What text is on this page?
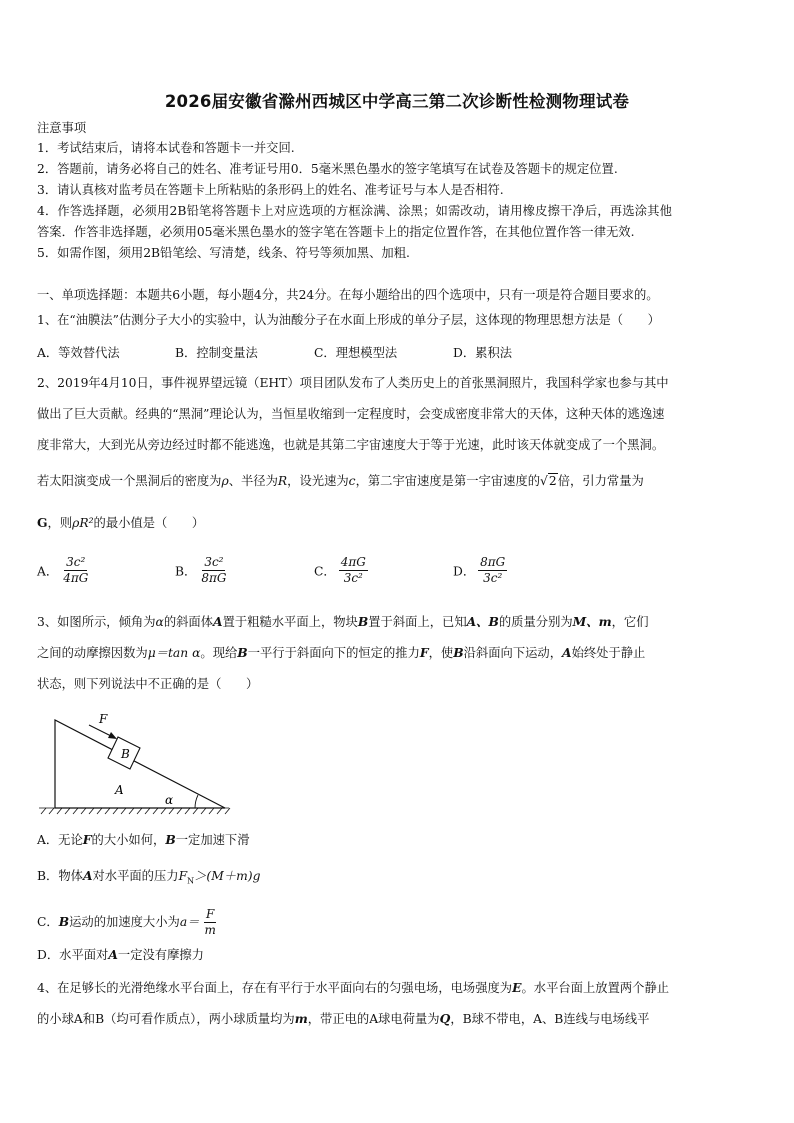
2026届安徽省滁州西城区中学高三第二次诊断性检测物理试卷
注意事项
1．考试结束后，请将本试卷和答题卡一并交回.
2．答题前，请务必将自己的姓名、准考证号用0．5毫米黑色墨水的签字笔填写在试卷及答题卡的规定位置.
3．请认真核对监考员在答题卡上所粘贴的条形码上的姓名、准考证号与本人是否相符.
4．作答选择题，必须用2B铅笔将答题卡上对应选项的方框涂满、涂黑；如需改动，请用橡皮擦干净后，再选涂其他
答案．作答非选择题，必须用05毫米黑色墨水的签字笔在答题卡上的指定位置作答，在其他位置作答一律无效.
5．如需作图，须用2B铅笔绘、写清楚，线条、符号等须加黑、加粗.
一、单项选择题：本题共6小题，每小题4分，共24分。在每小题给出的四个选项中，只有一项是符合题目要求的。
1、在“油膜法”估测分子大小的实验中，认为油酸分子在水面上形成的单分子层，这体现的物理思想方法是（　　）
A．等效替代法	B．控制变量法	C．理想模型法	D．累积法
2、2019年4月10日，事件视界望远镜（EHT）项目团队发布了人类历史上的首张黑洞照片，我国科学家也参与其中
做出了巨大贡献。经典的“黑洞”理论认为，当恒星收缩到一定程度时，会变成密度非常大的天体，这种天体的逃逸速
度非常大，大到光从旁边经过时都不能逃逸，也就是其第二宇宙速度大于等于光速，此时该天体就变成了一个黑洞。
若太阳演变成一个黑洞后的密度为ρ、半径为R，设光速为c，第二宇宙速度是第一宇宙速度的√2倍，引力常量为
G，则ρR²的最小值是（　　）
A． $\frac{\text{3c²}}{4\pi G}$	B． $\frac{\text{3c²}}{8\pi G}$	C． $\frac{4\pi G}{\text{3c²}}$	D． $\frac{8\pi G}{\text{3c²}}$
3、如图所示，倾角为α的斜面体A置于粗糙水平面上，物块B置于斜面上，已知A、B的质量分别为M、m，它们
之间的动摩擦因数为μ＝tan α。现给B一平行于斜面向下的恒定的推力F，使B沿斜面向下运动，A始终处于静止
状态，则下列说法中不正确的是（　　）
F
B
A
α
A．无论F的大小如何，B一定加速下滑
B．物体A对水平面的压力$F_N>(M+m)g$
C．B运动的加速度大小为$a= \frac{F}{m}$
D．水平面对A一定没有摩擦力
4、在足够长的光滑绝缘水平台面上，存在有平行于水平面向右的匀强电场，电场强度为E。水平台面上放置两个静止
的小球A和B（均可看作质点），两小球质量均为m，带正电的A球电荷量为Q，B球不带电，A、B连线与电场线平
